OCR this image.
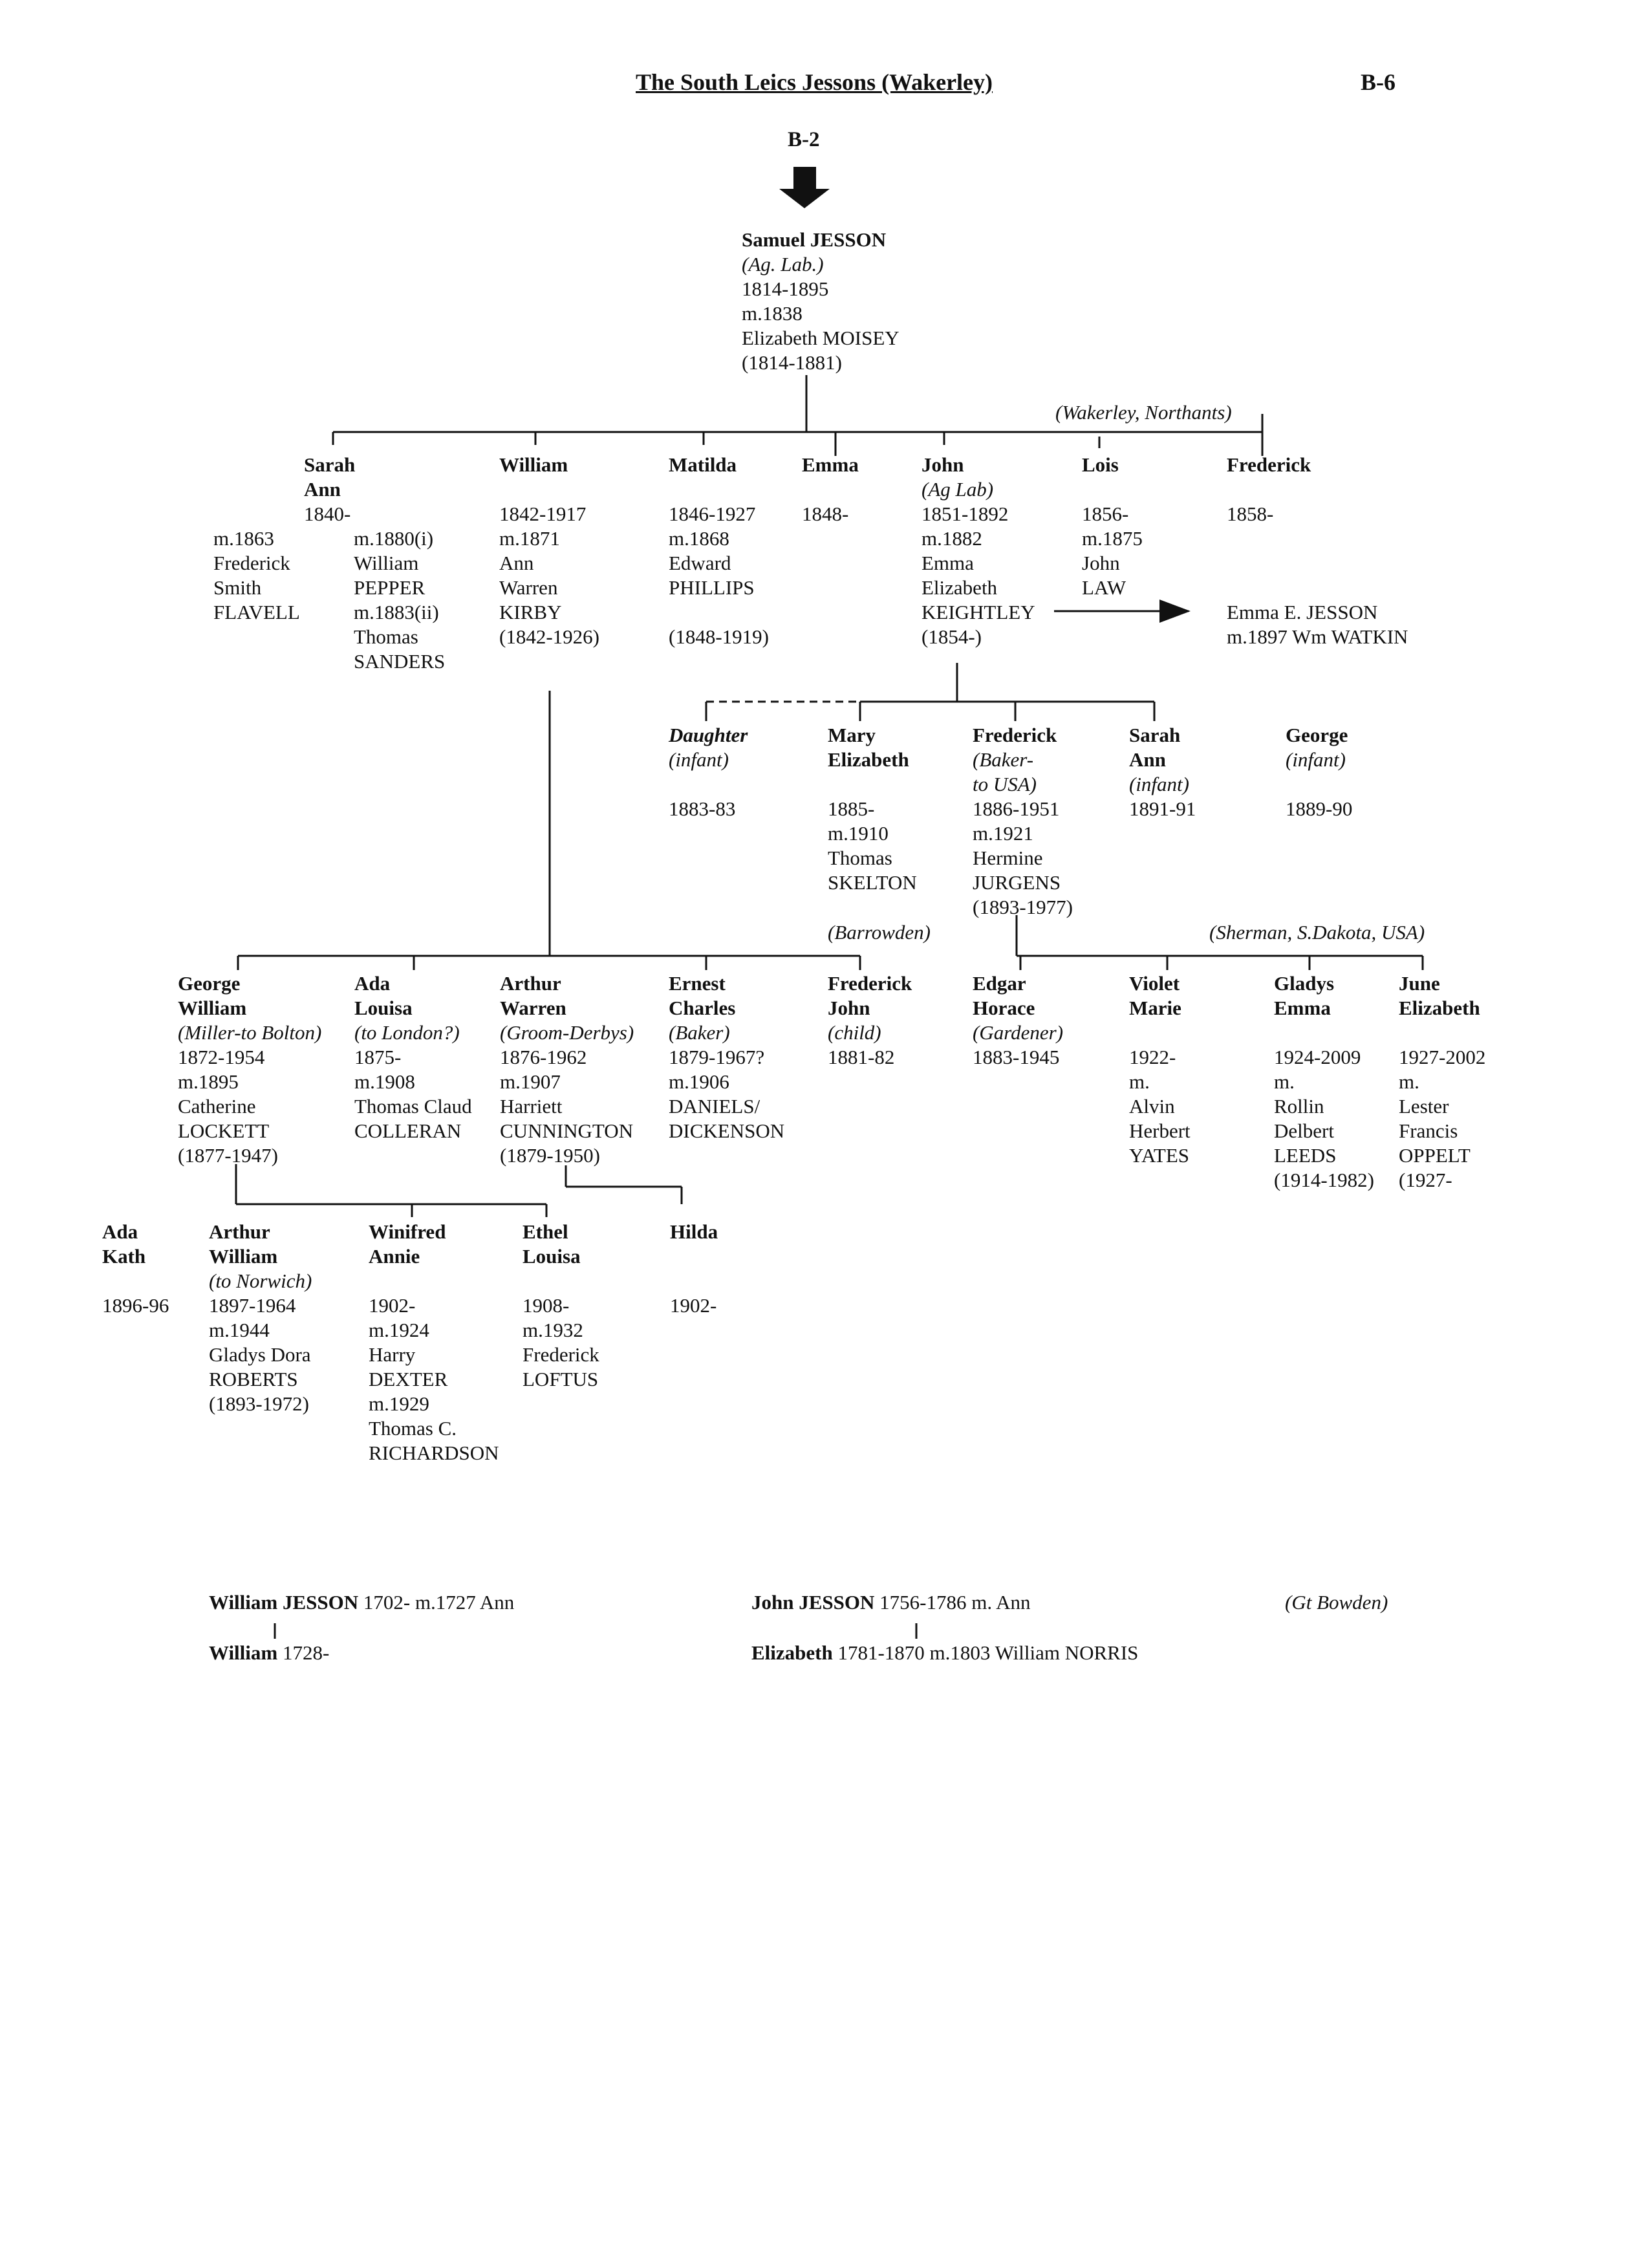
The South Leics Jessons (Wakerley)	B-6
B-2
(Wakerley, Northants)
(Barrowden)	(Sherman, S.Dakota, USA)
(Gt Bowden)
Samuel JESSON
(Ag. Lab.)
1814-1895
m.1838
Elizabeth MOISEY
(1814-1881)
Sarah
Ann
1840-
m.1863
Frederick
Smith
FLAVELL
m.1880(i)
William
PEPPER
m.1883(ii)
Thomas
SANDERS
William

1842-1917
m.1871
Ann
Warren
KIRBY
(1842-1926)
Matilda

1846-1927
m.1868
Edward
PHILLIPS

(1848-1919)
Emma

1848-
John
(Ag Lab)
1851-1892
m.1882
Emma
Elizabeth
KEIGHTLEY
(1854-)
Lois

1856-
m.1875
John
LAW
Frederick

1858-
Emma E. JESSON
m.1897 Wm WATKIN
Daughter
(infant)

1883-83
Mary
Elizabeth

1885-
m.1910
Thomas
SKELTON
Frederick
(Baker-
to USA)
1886-1951
m.1921
Hermine
JURGENS
(1893-1977)
Sarah
Ann
(infant)
1891-91
George
(infant)

1889-90
George
William
(Miller-to Bolton)
1872-1954
m.1895
Catherine
LOCKETT
(1877-1947)
Ada
Louisa
(to London?)
1875-
m.1908
Thomas Claud
COLLERAN
Arthur
Warren
(Groom-Derbys)
1876-1962
m.1907
Harriett
CUNNINGTON
(1879-1950)
Ernest
Charles
(Baker)
1879-1967?
m.1906
DANIELS/
DICKENSON
Frederick
John
(child)
1881-82
Edgar
Horace
(Gardener)
1883-1945
Violet
Marie

1922-
m.
Alvin
Herbert
YATES
Gladys
Emma

1924-2009
m.
Rollin
Delbert
LEEDS
(1914-1982)
June
Elizabeth

1927-2002
m.
Lester
Francis
OPPELT
(1927-
Ada
Kath

1896-96
Arthur
William
(to Norwich)
1897-1964
m.1944
Gladys Dora
ROBERTS
(1893-1972)
Winifred
Annie

1902-
m.1924
Harry
DEXTER
m.1929
Thomas C.
RICHARDSON
Ethel
Louisa

1908-
m.1932
Frederick
LOFTUS
Hilda

1902-
William JESSON 1702- m.1727 Ann
William 1728-
John JESSON 1756-1786 m. Ann
Elizabeth 1781-1870 m.1803 William NORRIS
